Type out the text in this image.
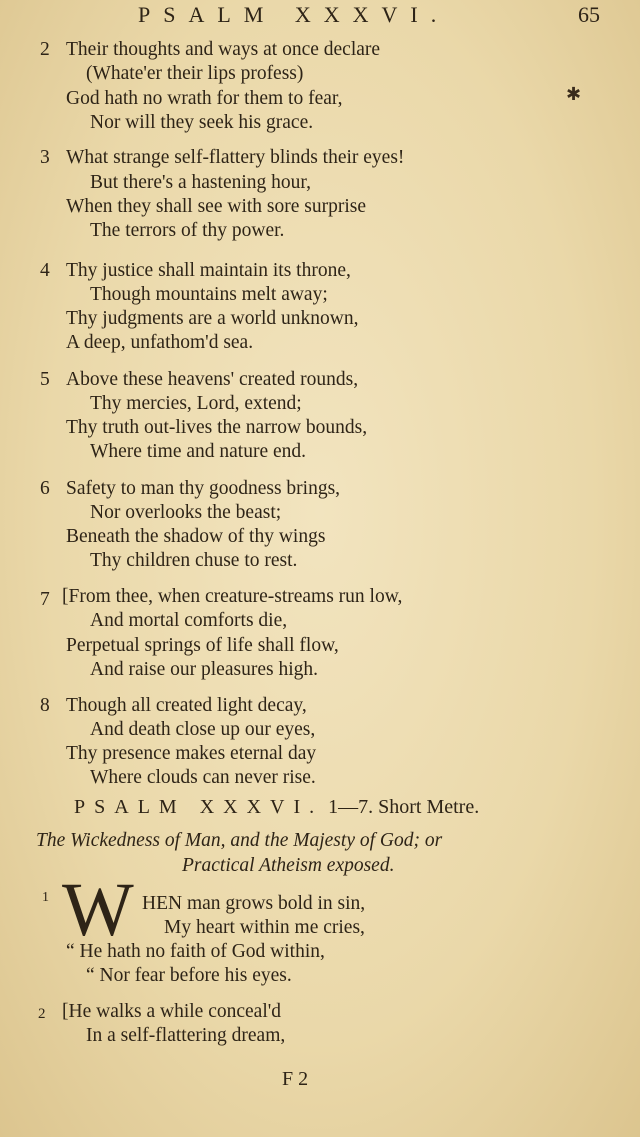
PSALM XXXVI.	65
✱
2 Their thoughts and ways at once declare
(Whate'er their lips profess)
God hath no wrath for them to fear,
Nor will they seek his grace.
3 What strange self-flattery blinds their eyes!
But there's a hastening hour,
When they shall see with sore surprise
The terrors of thy power.
4 Thy justice shall maintain its throne,
Though mountains melt away;
Thy judgments are a world unknown,
A deep, unfathom'd sea.
5 Above these heavens' created rounds,
Thy mercies, Lord, extend;
Thy truth out-lives the narrow bounds,
Where time and nature end.
6 Safety to man thy goodness brings,
Nor overlooks the beast;
Beneath the shadow of thy wings
Thy children chuse to rest.
7 [From thee, when creature-streams run low,
And mortal comforts die,
Perpetual springs of life shall flow,
And raise our pleasures high.
8 Though all created light decay,
And death close up our eyes,
Thy presence makes eternal day
Where clouds can never rise.
PSALM XXXVI. 1—7. Short Metre.
The Wickedness of Man, and the Majesty of God; or
Practical Atheism exposed.
1 W HEN man grows bold in sin,
My heart within me cries,
“ He hath no faith of God within,
“ Nor fear before his eyes.
2 [He walks a while conceal'd
In a self-flattering dream,
F 2
